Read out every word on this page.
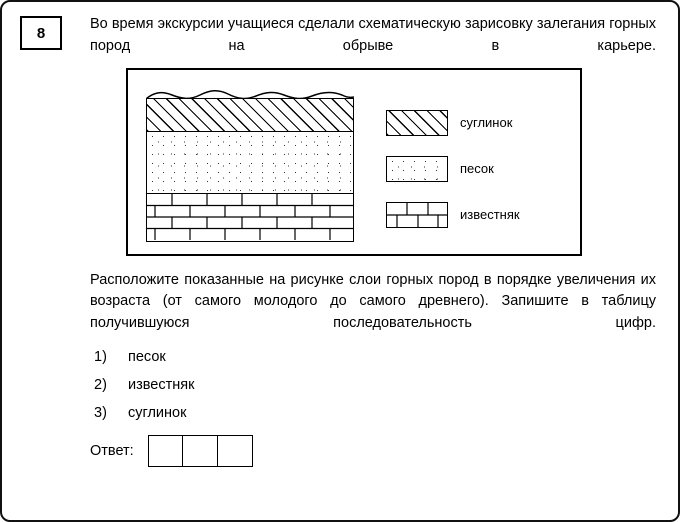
8

Во время экскурсии учащиеся сделали схематическую зарисовку залегания горных пород на обрыве в карьере.

суглинок
песок
известняк

Расположите показанные на рисунке слои горных пород в порядке увеличения их возраста (от самого молодого до самого древнего). Запишите в таблицу получившуюся последовательность цифр.

1)	песок
2)	известняк
3)	суглинок
Ответ:
